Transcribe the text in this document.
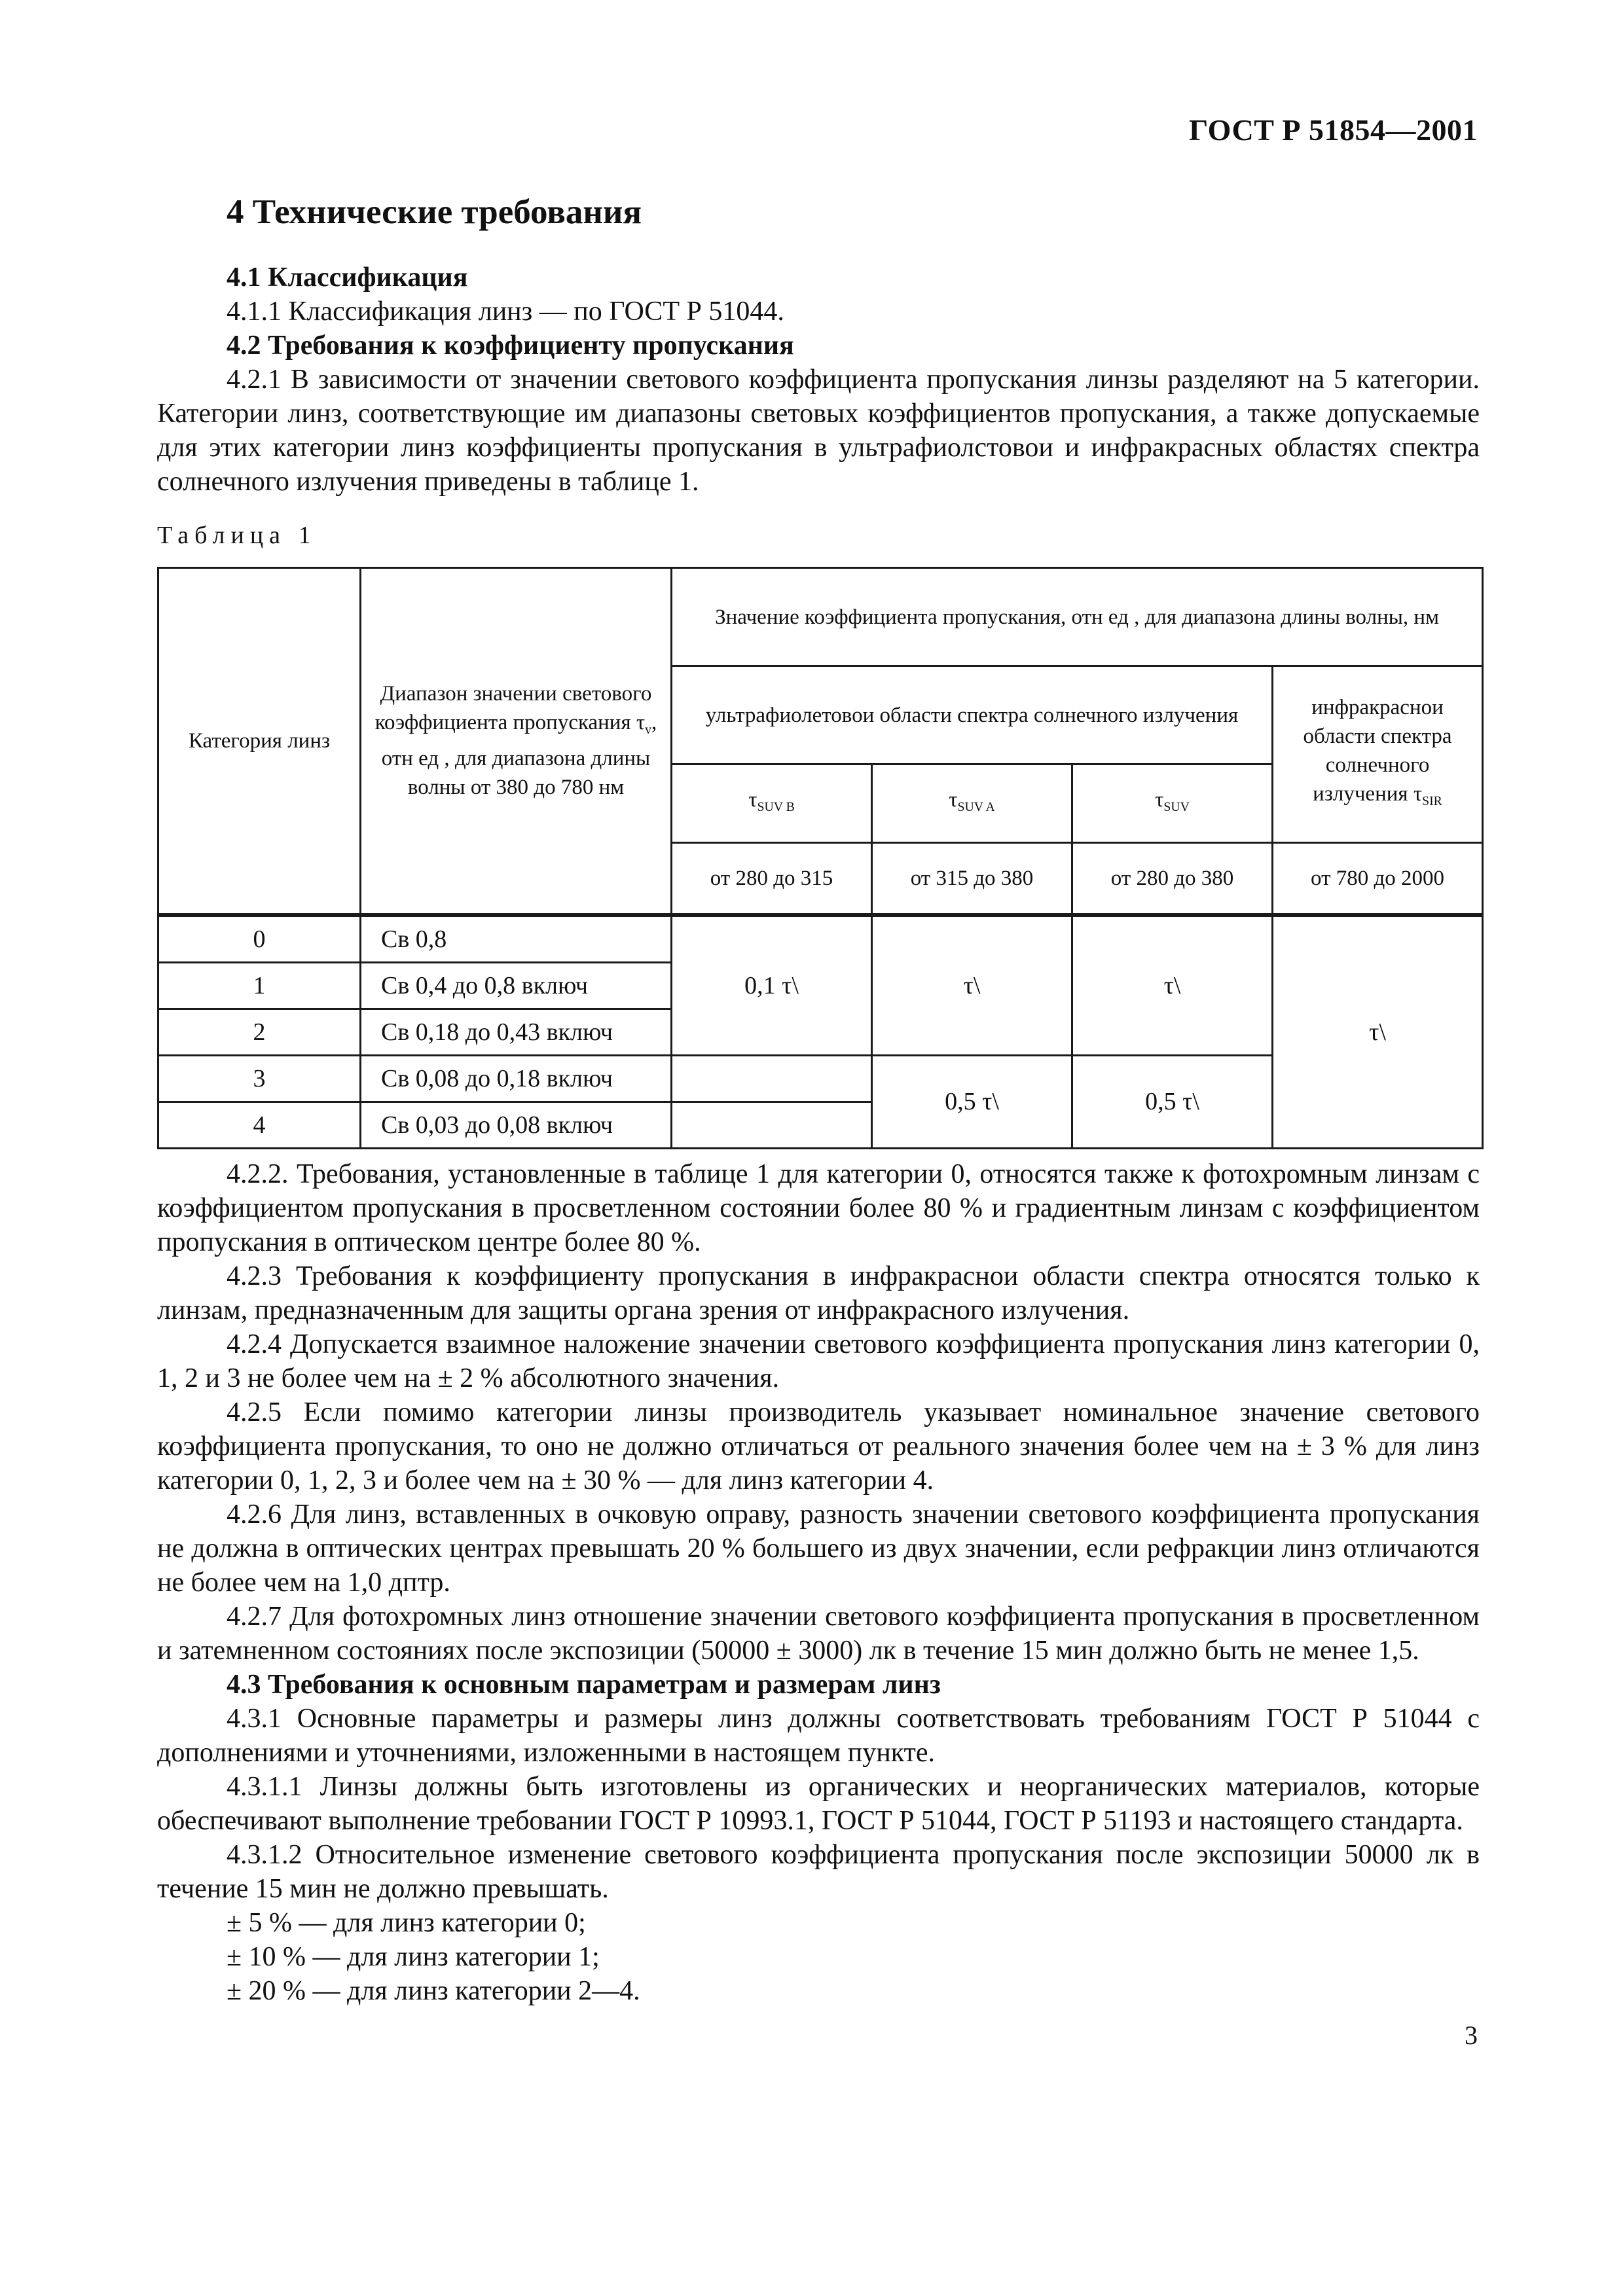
ГОСТ Р 51854—2001
4 Технические требования

4.1 Классификация

4.1.1 Классификация линз — по ГОСТ Р 51044.

4.2 Требования к коэффициенту пропускания

4.2.1 В зависимости от значении светового коэффициента пропускания линзы разделяют на 5 категории. Категории линз, соответствующие им диапазоны световых коэффициентов пропускания, а также допускаемые для этих категории линз коэффициенты пропускания в ультрафиолстовои и инфракрасных областях спектра солнечного излучения приведены в таблице 1.

Таблица 1
Категория линз	Диапазон значении светового коэффициента пропускания $\tau_v$, отн ед , для диапазона длины волны от 380 до 780 нм	Значение коэффициента пропускания, отн ед , для диапазона длины волны, нм			
		ультрафиолетовои области спектра солнечного излучения			инфракраснои области спектра солнечного излучения $\tau_{SIR}$
		$\tau_{SUV B}$	$\tau_{SUV A}$	$\tau_{SUV}$
		от 280 до 315	от 315 до 380	от 280 до 380	от 780 до 2000
0	Св 0,8	0,1 τ\	τ\	τ\	τ\
1	Св 0,4 до 0,8 включ				
2	Св 0,18 до 0,43 включ				
3	Св 0,08 до 0,18 включ		0,5 τ\	0,5 τ\	
4	Св 0,03 до 0,08 включ				

4.2.2. Требования, установленные в таблице 1 для категории 0, относятся также к фотохромным линзам с коэффициентом пропускания в просветленном состоянии более 80 % и градиентным линзам с коэффициентом пропускания в оптическом центре более 80 %.

4.2.3 Требования к коэффициенту пропускания в инфракраснои области спектра относятся только к линзам, предназначенным для защиты органа зрения от инфракрасного излучения.

4.2.4 Допускается взаимное наложение значении светового коэффициента пропускания линз категории 0, 1, 2 и 3 не более чем на ± 2 % абсолютного значения.

4.2.5 Если помимо категории линзы производитель указывает номинальное значение светового коэффициента пропускания, то оно не должно отличаться от реального значения более чем на ± 3 % для линз категории 0, 1, 2, 3 и более чем на ± 30 % — для линз категории 4.

4.2.6 Для линз, вставленных в очковую оправу, разность значении светового коэффициента пропускания не должна в оптических центрах превышать 20 % большего из двух значении, если рефракции линз отличаются не более чем на 1,0 дптр.

4.2.7 Для фотохромных линз отношение значении светового коэффициента пропускания в просветленном и затемненном состояниях после экспозиции (50000 ± 3000) лк в течение 15 мин должно быть не менее 1,5.

4.3 Требования к основным параметрам и размерам линз

4.3.1 Основные параметры и размеры линз должны соответствовать требованиям ГОСТ Р 51044 с дополнениями и уточнениями, изложенными в настоящем пункте.

4.3.1.1 Линзы должны быть изготовлены из органических и неорганических материалов, которые обеспечивают выполнение требовании ГОСТ Р 10993.1, ГОСТ Р 51044, ГОСТ Р 51193 и настоящего стандарта.

4.3.1.2 Относительное изменение светового коэффициента пропускания после экспозиции 50000 лк в течение 15 мин не должно превышать.

± 5 % — для линз категории 0;

± 10 % — для линз категории 1;

± 20 % — для линз категории 2—4.

3
